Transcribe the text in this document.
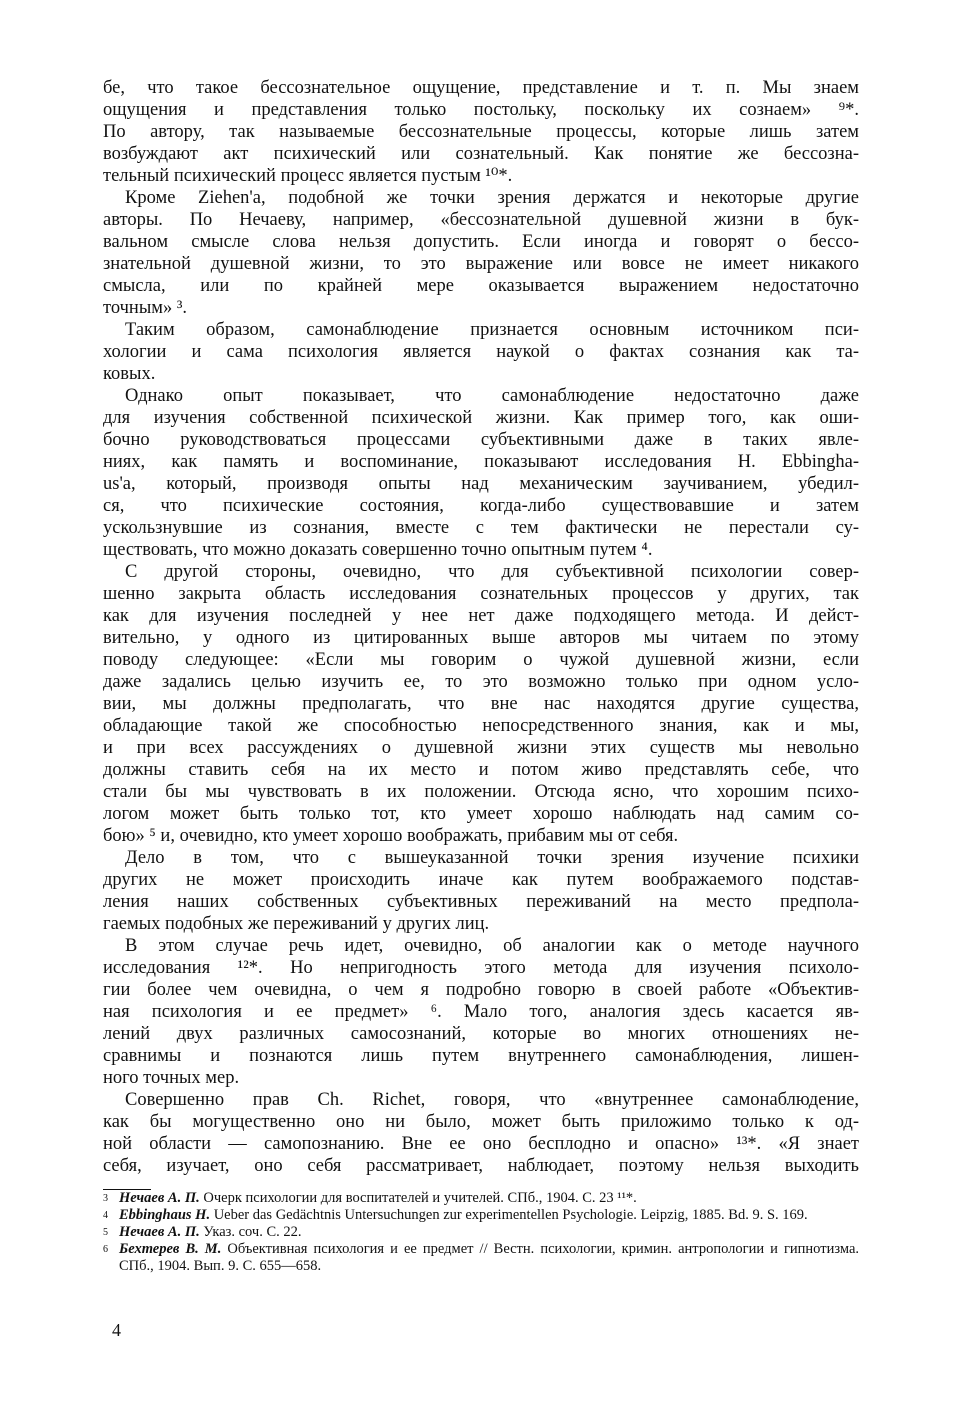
бе, что такое бессознательное ощущение, представление и т. п. Мы знаем
ощущения и представления только постольку, поскольку их сознаем» ⁹*.
По автору, так называемые бессознательные процессы, которые лишь затем
возбуждают акт психический или сознательный. Как понятие же бессозна-
тельный психический процесс является пустым ¹⁰*.
Кроме Ziehen'a, подобной же точки зрения держатся и некоторые другие
авторы. По Нечаеву, например, «бессознательной душевной жизни в бук-
вальном смысле слова нельзя допустить. Если иногда и говорят о бессо-
знательной душевной жизни, то это выражение или вовсе не имеет никакого
смысла, или по крайней мере оказывается выражением недостаточно
точным» ³.
Таким образом, самонаблюдение признается основным источником пси-
хологии и сама психология является наукой о фактах сознания как та-
ковых.
Однако опыт показывает, что самонаблюдение недостаточно даже
для изучения собственной психической жизни. Как пример того, как оши-
бочно руководствоваться процессами субъективными даже в таких явле-
ниях, как память и воспоминание, показывают исследования H. Ebbingha-
us'a, который, производя опыты над механическим заучиванием, убедил-
ся, что психические состояния, когда-либо существовавшие и затем
ускользнувшие из сознания, вместе с тем фактически не перестали су-
ществовать, что можно доказать совершенно точно опытным путем ⁴.
С другой стороны, очевидно, что для субъективной психологии совер-
шенно закрыта область исследования сознательных процессов у других, так
как для изучения последней у нее нет даже подходящего метода. И дейст-
вительно, у одного из цитированных выше авторов мы читаем по этому
поводу следующее: «Если мы говорим о чужой душевной жизни, если
даже задались целью изучить ее, то это возможно только при одном усло-
вии, мы должны предполагать, что вне нас находятся другие существа,
обладающие такой же способностью непосредственного знания, как и мы,
и при всех рассуждениях о душевной жизни этих существ мы невольно
должны ставить себя на их место и потом живо представлять себе, что
стали бы мы чувствовать в их положении. Отсюда ясно, что хорошим психо-
логом может быть только тот, кто умеет хорошо наблюдать над самим со-
бою» ⁵ и, очевидно, кто умеет хорошо воображать, прибавим мы от себя.
Дело в том, что с вышеуказанной точки зрения изучение психики
других не может происходить иначе как путем воображаемого подстав-
ления наших собственных субъективных переживаний на место предпола-
гаемых подобных же переживаний у других лиц.
В этом случае речь идет, очевидно, об аналогии как о методе научного
исследования ¹²*. Но непригодность этого метода для изучения психоло-
гии более чем очевидна, о чем я подробно говорю в своей работе «Объектив-
ная психология и ее предмет» ⁶. Мало того, аналогия здесь касается яв-
лений двух различных самосознаний, которые во многих отношениях не-
сравнимы и познаются лишь путем внутреннего самонаблюдения, лишен-
ного точных мер.
Совершенно прав Ch. Richet, говоря, что «внутреннее самонаблюдение,
как бы могущественно оно ни было, может быть приложимо только к од-
ной области — самопознанию. Вне ее оно бесплодно и опасно» ¹³*. «Я знает
себя, изучает, оно себя рассматривает, наблюдает, поэтому нельзя выходить
3 Нечаев А. П. Очерк психологии для воспитателей и учителей. СПб., 1904. С. 23 ¹¹*.
4 Ebbinghaus H. Ueber das Gedächtnis Untersuchungen zur experimentellen Psychologie. Leipzig, 1885. Bd. 9. S. 169.
5 Нечаев А. П. Указ. соч. С. 22.
6 Бехтерев В. М. Объективная психология и ее предмет // Вестн. психологии, кримин. антропологии и гипнотизма. СПб., 1904. Вып. 9. С. 655—658.
4
